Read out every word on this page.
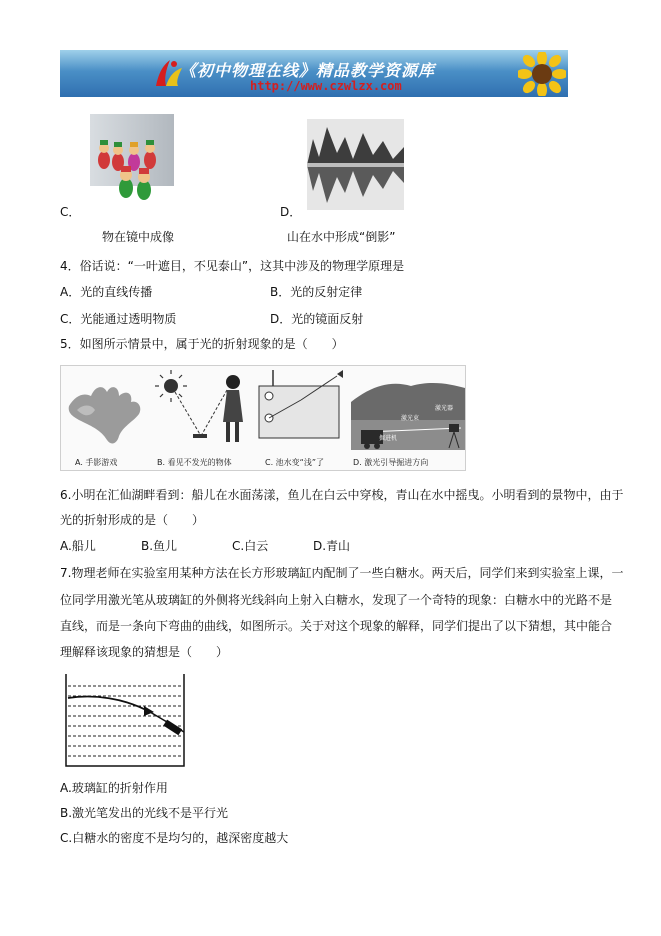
《初中物理在线》精品教学资源库
http://www.czwlzx.com
C．	D．
物在镜中成像	山在水中形成“倒影”
4．俗话说：“一叶遮目，不见泰山”，这其中涉及的物理学原理是
A．光的直线传播	B．光的反射定律
C．光能通过透明物质	D．光的镜面反射
5．如图所示情景中，属于光的折射现象的是（　　）
激光束
激光器
掘进机
A. 手影游戏	B. 看见不发光的物体	C. 池水变“浅”了	D. 激光引导掘进方向
6.小明在汇仙湖畔看到：船儿在水面荡漾，鱼儿在白云中穿梭，青山在水中摇曳。小明看到的景物中，由于
光的折射形成的是（　　）
A.船儿	B.鱼儿	C.白云	D.青山
7.物理老师在实验室用某种方法在长方形玻璃缸内配制了一些白糖水。两天后，同学们来到实验室上课，一
位同学用激光笔从玻璃缸的外侧将光线斜向上射入白糖水，发现了一个奇特的现象：白糖水中的光路不是
直线，而是一条向下弯曲的曲线，如图所示。关于对这个现象的解释，同学们提出了以下猜想，其中能合
理解释该现象的猜想是（　　）
A.玻璃缸的折射作用
B.激光笔发出的光线不是平行光
C.白糖水的密度不是均匀的，越深密度越大
